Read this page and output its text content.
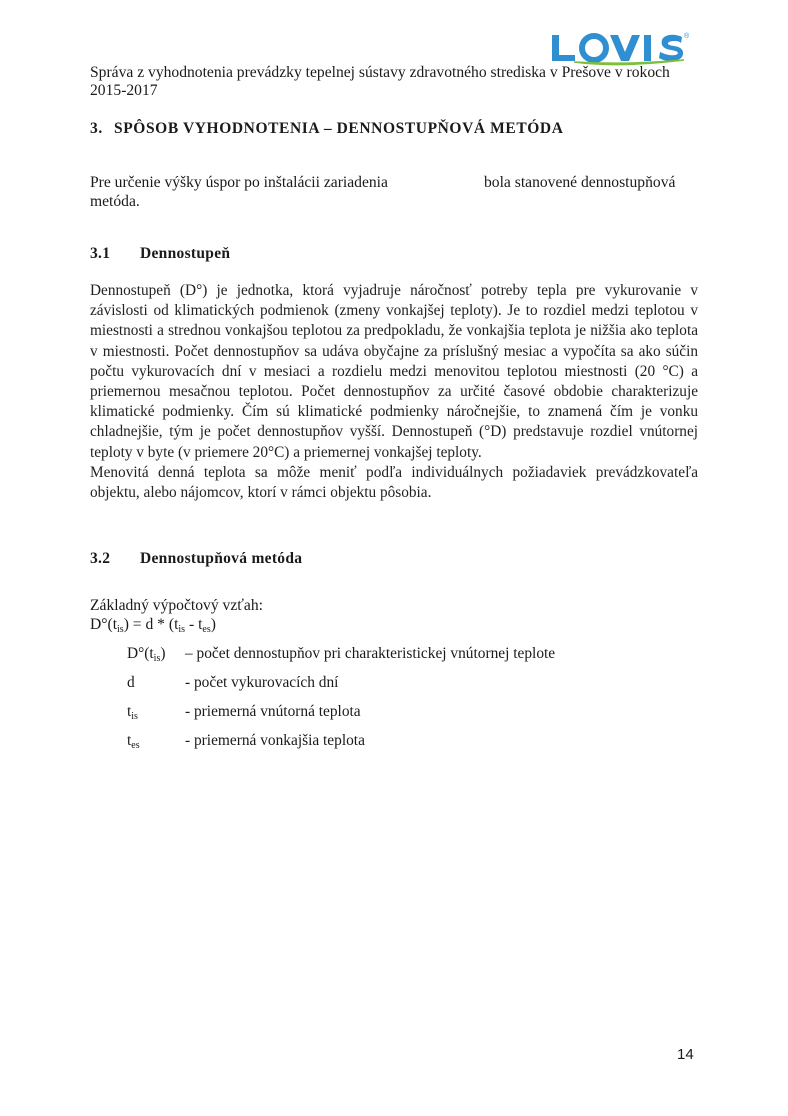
®
Správa z vyhodnotenia prevádzky tepelnej sústavy zdravotného strediska v Prešove v rokoch 2015-2017
3. SPÔSOB VYHODNOTENIA – DENNOSTUPŇOVÁ METÓDA
Pre určenie výšky úspor po inštalácii zariadenia	bola stanovené dennostupňová
metóda.
3.1 Dennostupeň
Dennostupeň (D°) je jednotka, ktorá vyjadruje náročnosť potreby tepla pre vykurovanie v závislosti od klimatických podmienok (zmeny vonkajšej teploty). Je to rozdiel medzi teplotou v miestnosti a strednou vonkajšou teplotou za predpokladu, že vonkajšia teplota je nižšia ako teplota v miestnosti. Počet dennostupňov sa udáva obyčajne za príslušný mesiac a vypočíta sa ako súčin počtu vykurovacích dní v mesiaci a rozdielu medzi menovitou teplotou miestnosti (20 °C) a priemernou mesačnou teplotou. Počet dennostupňov za určité časové obdobie charakterizuje klimatické podmienky. Čím sú klimatické podmienky náročnejšie, to znamená čím je vonku chladnejšie, tým je počet dennostupňov vyšší. Dennostupeň (°D) predstavuje rozdiel vnútornej teploty v byte (v priemere 20°C) a priemernej vonkajšej teploty.
Menovitá denná teplota sa môže meniť podľa individuálnych požiadaviek prevádzkovateľa objektu, alebo nájomcov, ktorí v rámci objektu pôsobia.
3.2 Dennostupňová metóda
Základný výpočtový vzťah:
$D^\circ(t_{is}) = d * (t_{is} - t_{es})$
$D^\circ(t_{is})$ – počet dennostupňov pri charakteristickej vnútornej teplote
d	- počet vykurovacích dní
$t_{is}$	- priemerná vnútorná teplota
$t_{es}$	- priemerná vonkajšia teplota
14
